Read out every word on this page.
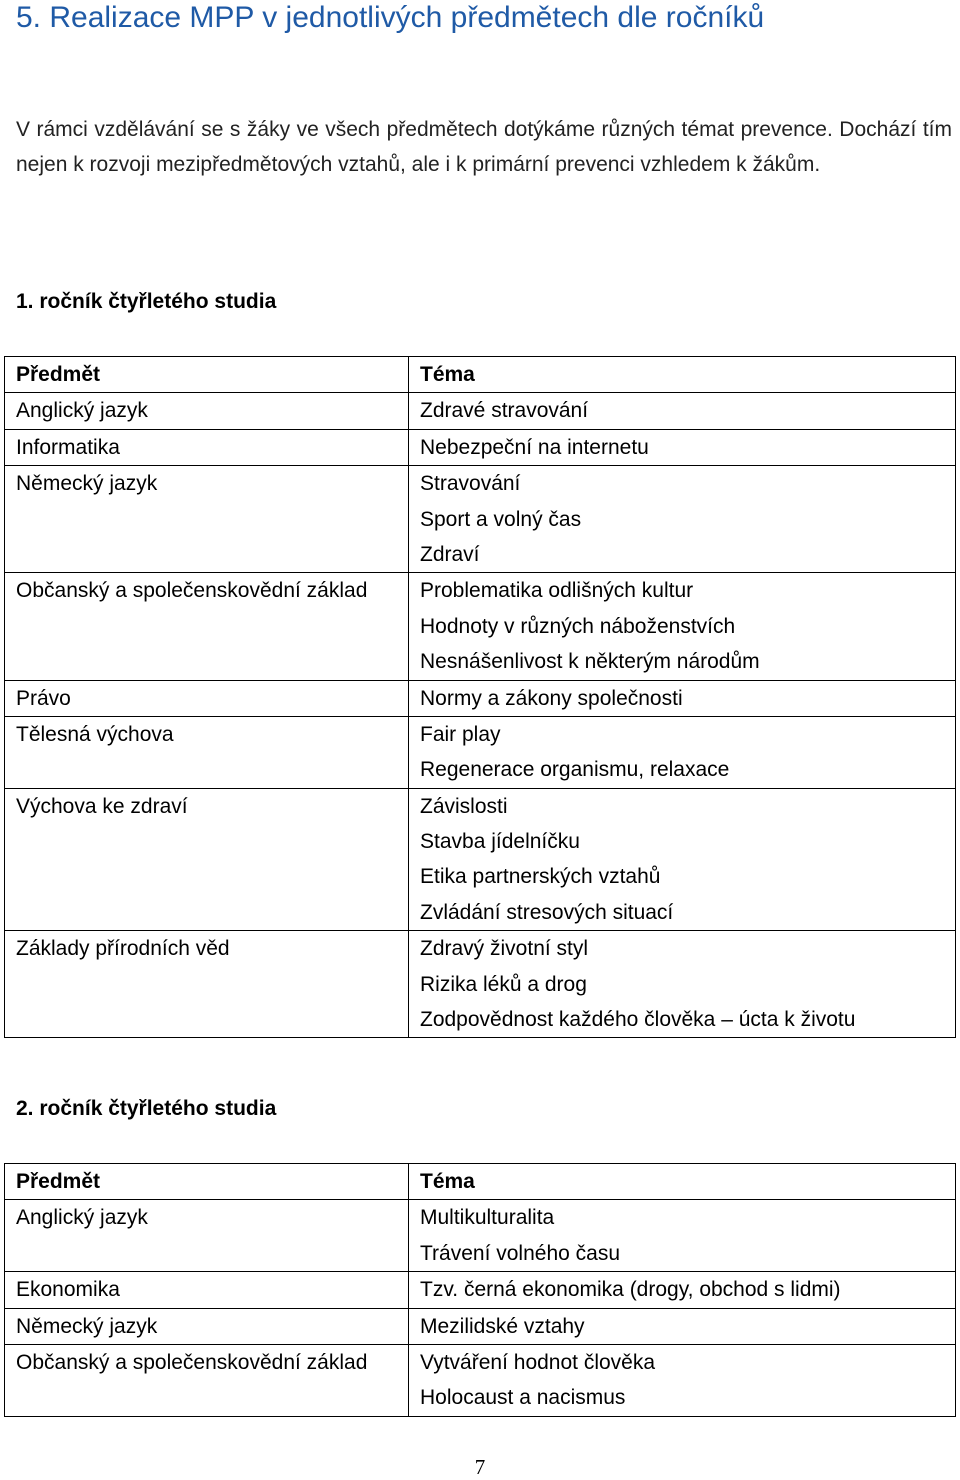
5. Realizace MPP v jednotlivých předmětech dle ročníků

V rámci vzdělávání se s žáky ve všech předmětech dotýkáme různých témat prevence. Dochází tím nejen k rozvoji mezipředmětových vztahů, ale i k primární prevenci vzhledem k žákům.

1. ročník čtyřletého studia
Předmět	Téma

Anglický jazyk	Zdravé stravování

Informatika	Nebezpeční na internetu

Německý jazyk	Stravování
Sport a volný čas
Zdraví

Občanský a společenskovědní základ	Problematika odlišných kultur
Hodnoty v různých náboženstvích
Nesnášenlivost k některým národům

Právo	Normy a zákony společnosti

Tělesná výchova	Fair play
Regenerace organismu, relaxace

Výchova ke zdraví	Závislosti
Stavba jídelníčku
Etika partnerských vztahů
Zvládání stresových situací

Základy přírodních věd	Zdravý životní styl
Rizika léků a drog
Zodpovědnost každého člověka – úcta k životu
2. ročník čtyřletého studia
Předmět	Téma

Anglický jazyk	Multikulturalita
Trávení volného času

Ekonomika	Tzv. černá ekonomika (drogy, obchod s lidmi)

Německý jazyk	Mezilidské vztahy

Občanský a společenskovědní základ	Vytváření hodnot člověka
Holocaust a nacismus
7
